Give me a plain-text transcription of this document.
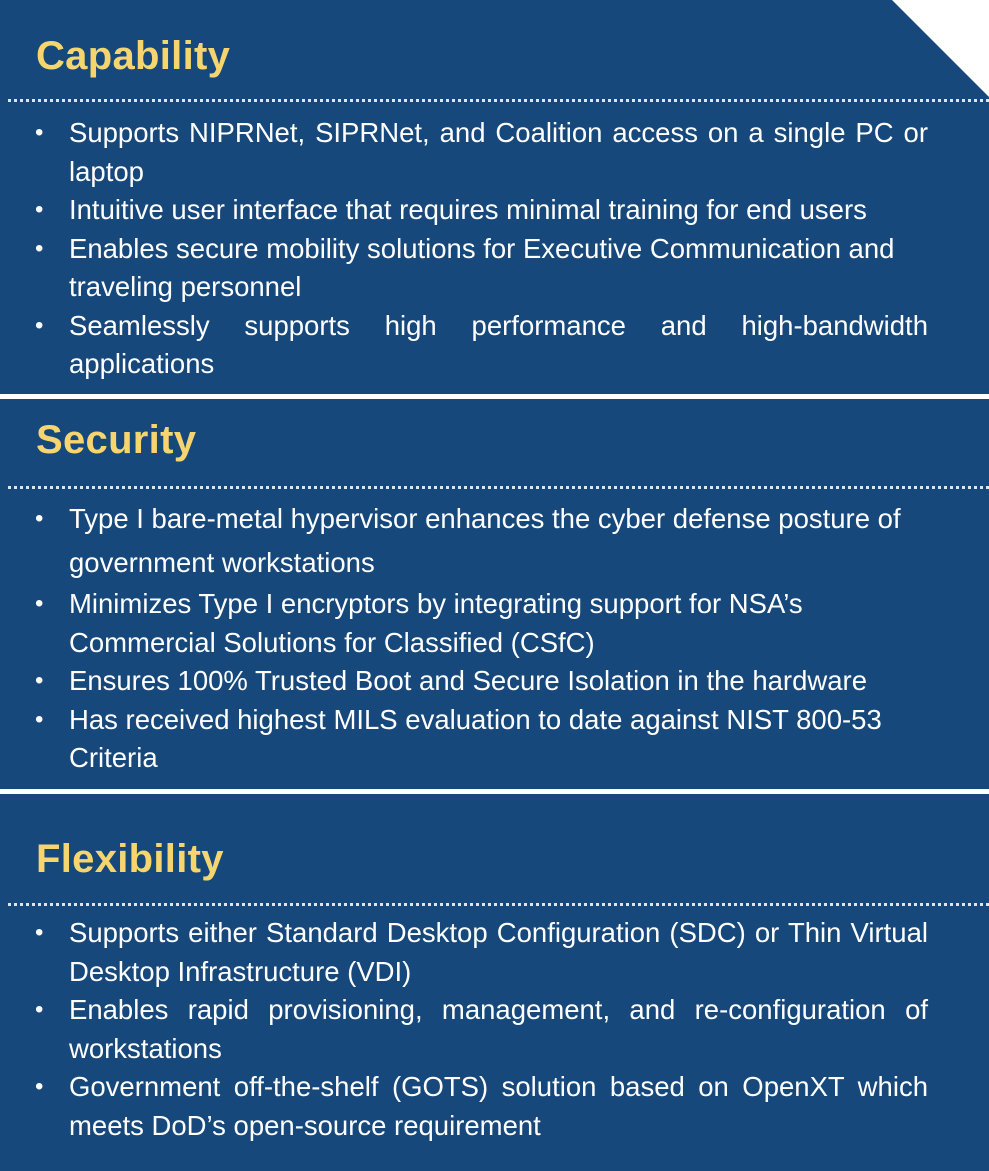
Capability
• Supports NIPRNet, SIPRNet, and Coalition access on a single PC or laptop
• Intuitive user interface that requires minimal training for end users
• Enables secure mobility solutions for Executive Communication and traveling personnel
• Seamlessly supports high performance and high-bandwidth applications
Security
• Type I bare-metal hypervisor enhances the cyber defense posture of government workstations
• Minimizes Type I encryptors by integrating support for NSA’s Commercial Solutions for Classified (CSfC)
• Ensures 100% Trusted Boot and Secure Isolation in the hardware
• Has received highest MILS evaluation to date against NIST 800-53 Criteria
Flexibility
• Supports either Standard Desktop Configuration (SDC) or Thin Virtual Desktop Infrastructure (VDI)
• Enables rapid provisioning, management, and re-configuration of workstations
• Government off-the-shelf (GOTS) solution based on OpenXT which meets DoD’s open-source requirement
